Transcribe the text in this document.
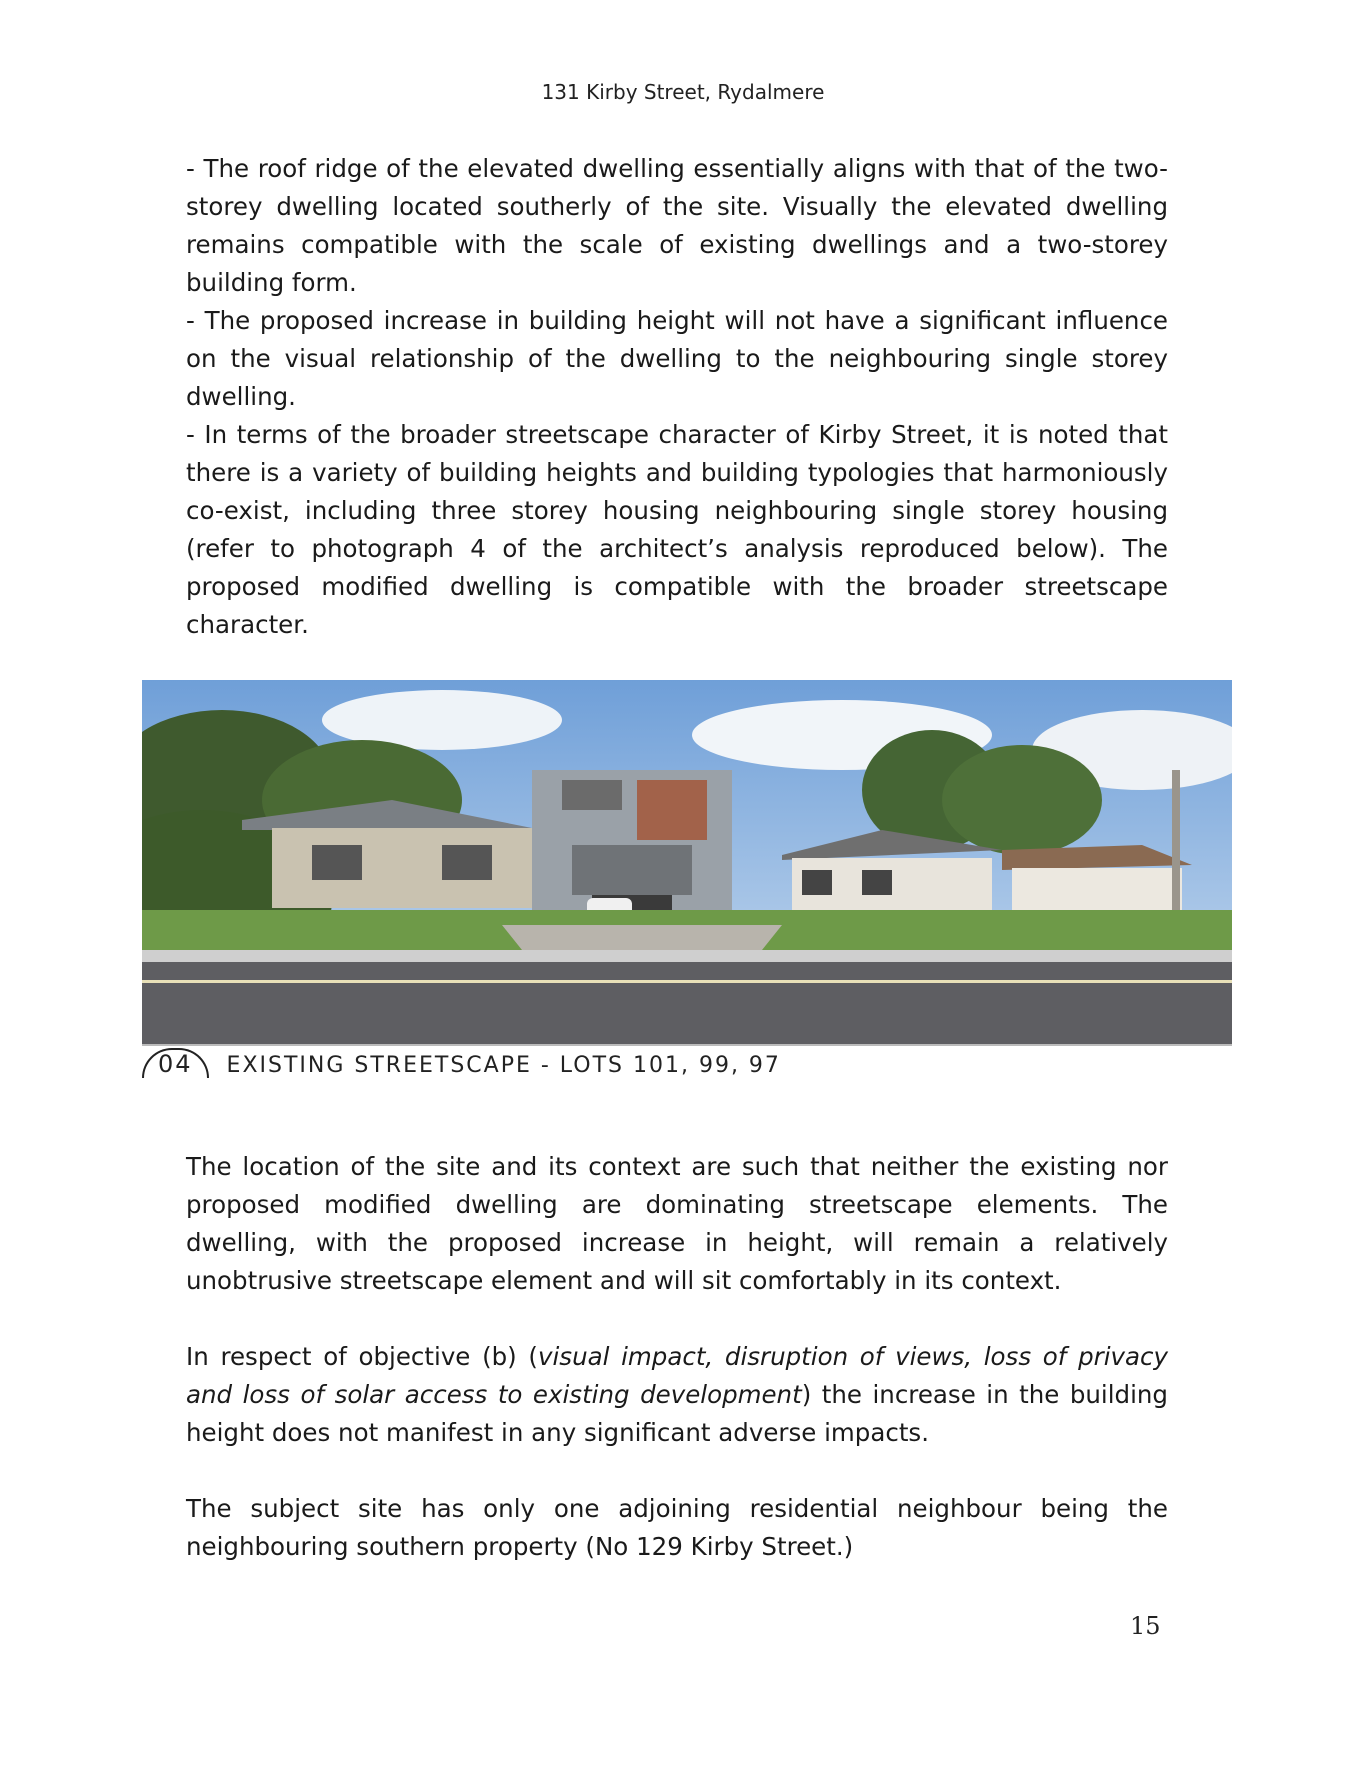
131 Kirby Street, Rydalmere
- The roof ridge of the elevated dwelling essentially aligns with that of the two-storey dwelling located southerly of the site. Visually the elevated dwelling remains compatible with the scale of existing dwellings and a two-storey building form.
- The proposed increase in building height will not have a significant influence on the visual relationship of the dwelling to the neighbouring single storey dwelling.
- In terms of the broader streetscape character of Kirby Street, it is noted that there is a variety of building heights and building typologies that harmoniously co-exist, including three storey housing neighbouring single storey housing (refer to photograph 4 of the architect’s analysis reproduced below). The proposed modified dwelling is compatible with the broader streetscape character.
04 EXISTING STREETSCAPE - LOTS 101, 99, 97

The location of the site and its context are such that neither the existing nor proposed modified dwelling are dominating streetscape elements. The dwelling, with the proposed increase in height, will remain a relatively unobtrusive streetscape element and will sit comfortably in its context.

In respect of objective (b) (visual impact, disruption of views, loss of privacy and loss of solar access to existing development) the increase in the building height does not manifest in any significant adverse impacts.

The subject site has only one adjoining residential neighbour being the neighbouring southern property (No 129 Kirby Street.)

15
